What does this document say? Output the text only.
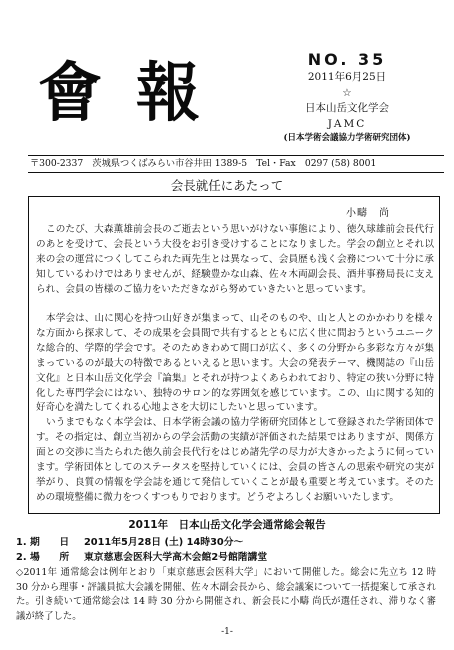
會報	NO. 35
2011年6月25日
☆
日本山岳文化学会
JAMC
(日本学術会議協力学術研究団体)
〒300-2337　茨城県つくばみらい市谷井田 1389-5　Tel・Fax　0297 (58) 8001
会長就任にあたって
小疇　尚

このたび、大森薫雄前会長のご逝去という思いがけない事態により、徳久球雄前会長代行のあとを受けて、会長という大役をお引き受けすることになりました。学会の創立とそれ以来の会の運営につくしてこられた両先生とは異なって、会員歴も浅く会務について十分に承知しているわけではありませんが、経験豊かな山森、佐々木両副会長、酒井事務局長に支えられ、会員の皆様のご協力をいただきながら努めていきたいと思っています。

本学会は、山に関心を持つ山好きが集まって、山そのものや、山と人とのかかわりを様々な方面から探求して、その成果を会員間で共有するとともに広く世に問おうというユニークな総合的、学際的学会です。そのためきわめて間口が広く、多くの分野から多彩な方々が集まっているのが最大の特徴であるといえると思います。大会の発表テーマ、機関誌の『山岳文化』と日本山岳文化学会『論集』とそれが持つよくあらわれており、特定の狭い分野に特化した専門学会にはない、独特のサロン的な雰囲気を感じています。この、山に関する知的好奇心を満たしてくれる心地よさを大切にしたいと思っています。

いうまでもなく本学会は、日本学術会議の協力学術研究団体として登録された学術団体です。その指定は、創立当初からの学会活動の実績が評価された結果ではありますが、関係方面との交渉に当たられた徳久前会長代行をはじめ諸先学の尽力が大きかったように伺っています。学術団体としてのステータスを堅持していくには、会員の皆さんの思索や研究の実が挙がり、良質の情報を学会誌を通じて発信していくことが最も重要と考えています。そのための環境整備に微力をつくすつもりでおります。どうぞよろしくお願いいたします。

2011年　日本山岳文化学会通常総会報告
1. 期　　日 2011年5月28日 (土) 14時30分～
2. 場　　所 東京慈恵会医科大学高木会館2号館階講堂

◇2011年 通常総会は例年とおり「東京慈恵会医科大学」において開催した。総会に先立ち 12 時 30 分から理事・評議員拡大会議を開催、佐々木副会長から、総会議案について一括提案して承された。引き続いて通常総会は 14 時 30 分から開催され、新会長に小疇 尚氏が選任され、滞りなく審議が終了した。

-1-
